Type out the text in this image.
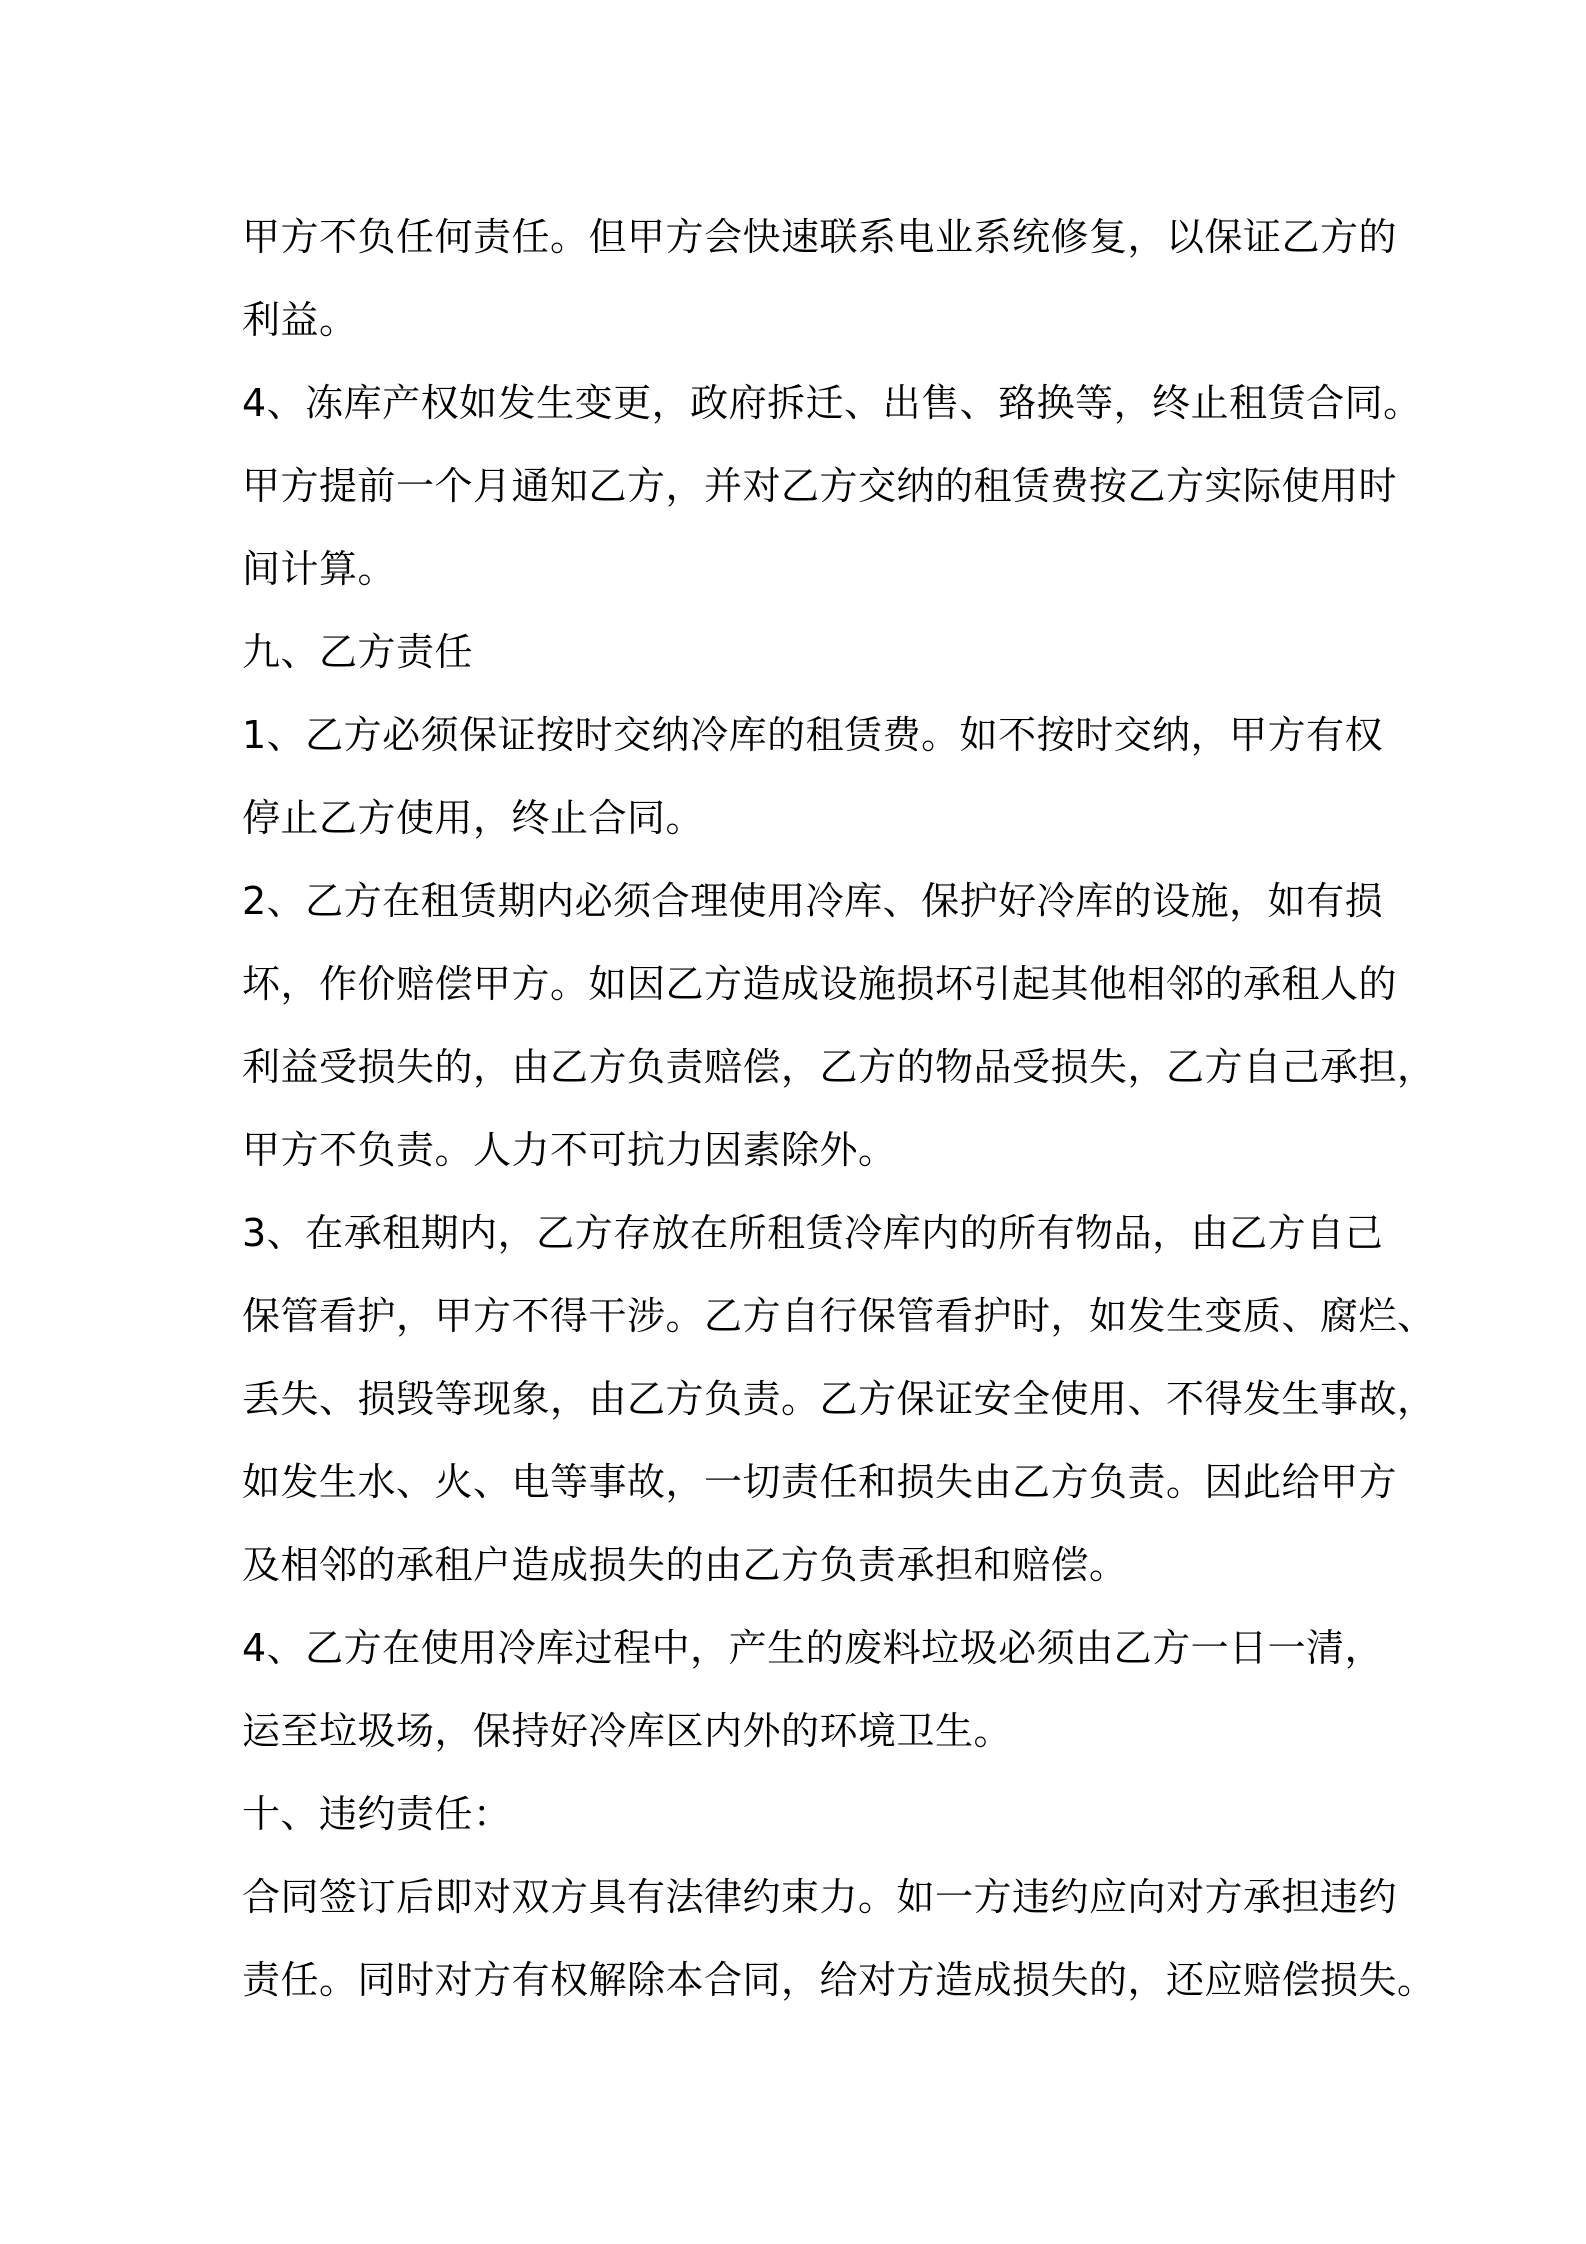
甲方不负任何责任。但甲方会快速联系电业系统修复，以保证乙方的
利益。
4、冻库产权如发生变更，政府拆迁、出售、臵换等，终止租赁合同。
甲方提前一个月通知乙方，并对乙方交纳的租赁费按乙方实际使用时
间计算。
九、乙方责任
1、乙方必须保证按时交纳冷库的租赁费。如不按时交纳，甲方有权
停止乙方使用，终止合同。
2、乙方在租赁期内必须合理使用冷库、保护好冷库的设施，如有损
坏，作价赔偿甲方。如因乙方造成设施损坏引起其他相邻的承租人的
利益受损失的，由乙方负责赔偿，乙方的物品受损失，乙方自己承担，
甲方不负责。人力不可抗力因素除外。
3、在承租期内，乙方存放在所租赁冷库内的所有物品，由乙方自己
保管看护，甲方不得干涉。乙方自行保管看护时，如发生变质、腐烂、
丢失、损毁等现象，由乙方负责。乙方保证安全使用、不得发生事故，
如发生水、火、电等事故，一切责任和损失由乙方负责。因此给甲方
及相邻的承租户造成损失的由乙方负责承担和赔偿。
4、乙方在使用冷库过程中，产生的废料垃圾必须由乙方一日一清，
运至垃圾场，保持好冷库区内外的环境卫生。
十、违约责任：
合同签订后即对双方具有法律约束力。如一方违约应向对方承担违约
责任。同时对方有权解除本合同，给对方造成损失的，还应赔偿损失。
